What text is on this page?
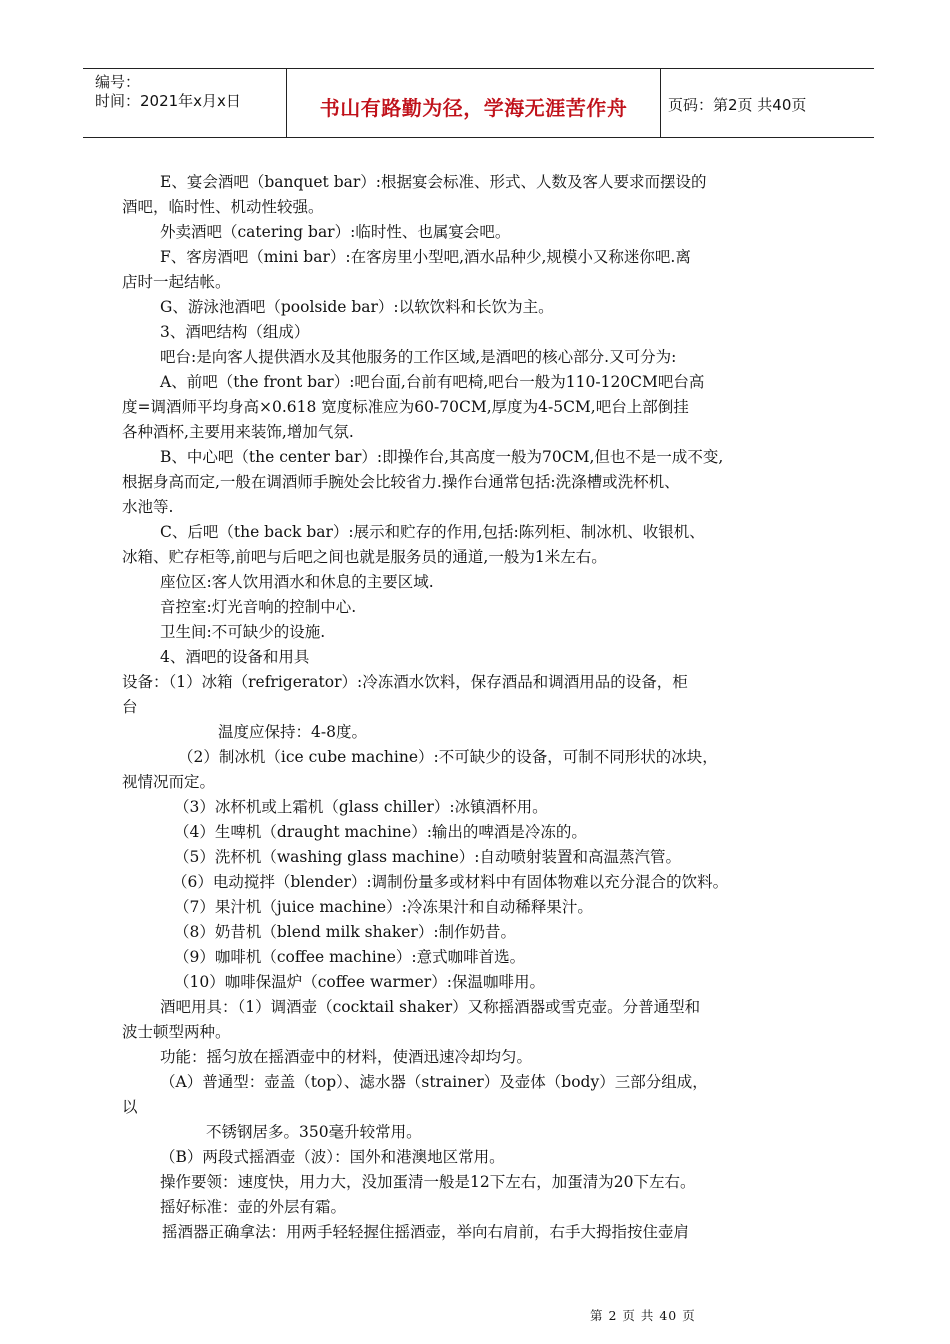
编号：
时间：2021年x月x日	书山有路勤为径，学海无涯苦作舟	页码：第2页 共40页
E、宴会酒吧（banquet bar）:根据宴会标准、形式、人数及客人要求而摆设的
酒吧，临时性、机动性较强。
外卖酒吧（catering bar）:临时性、也属宴会吧。
F、客房酒吧（mini bar）:在客房里小型吧,酒水品种少,规模小又称迷你吧.离
店时一起结帐。
G、游泳池酒吧（poolside bar）:以软饮料和长饮为主。
3、酒吧结构（组成）
吧台:是向客人提供酒水及其他服务的工作区域,是酒吧的核心部分.又可分为:
A、前吧（the front bar）:吧台面,台前有吧椅,吧台一般为110-120CM吧台高
度=调酒师平均身高×0.618 宽度标准应为60-70CM,厚度为4-5CM,吧台上部倒挂
各种酒杯,主要用来装饰,增加气氛.
B、中心吧（the center bar）:即操作台,其高度一般为70CM,但也不是一成不变,
根据身高而定,一般在调酒师手腕处会比较省力.操作台通常包括:洗涤槽或洗杯机、
水池等.
C、后吧（the back bar）:展示和贮存的作用,包括:陈列柜、制冰机、收银机、
冰箱、贮存柜等,前吧与后吧之间也就是服务员的通道,一般为1米左右。
座位区:客人饮用酒水和休息的主要区域.
音控室:灯光音响的控制中心.
卫生间:不可缺少的设施.
4、酒吧的设备和用具
设备：（1）冰箱（refrigerator）:冷冻酒水饮料，保存酒品和调酒用品的设备，柜
台
温度应保持：4-8度。
（2）制冰机（ice cube machine）:不可缺少的设备，可制不同形状的冰块，
视情况而定。
（3）冰杯机或上霜机（glass chiller）:冰镇酒杯用。
（4）生啤机（draught machine）:输出的啤酒是冷冻的。
（5）洗杯机（washing glass machine）:自动喷射装置和高温蒸汽管。
（6）电动搅拌（blender）:调制份量多或材料中有固体物难以充分混合的饮料。
（7）果汁机（juice machine）:冷冻果汁和自动稀释果汁。
（8）奶昔机（blend milk shaker）:制作奶昔。
（9）咖啡机（coffee machine）:意式咖啡首选。
（10）咖啡保温炉（coffee warmer）:保温咖啡用。
酒吧用具：（1）调酒壶（cocktail shaker）又称摇酒器或雪克壶。分普通型和
波士顿型两种。
功能：摇匀放在摇酒壶中的材料，使酒迅速冷却均匀。
（A）普通型：壶盖（top）、滤水器（strainer）及壶体（body）三部分组成，
以
不锈钢居多。350毫升较常用。
（B）两段式摇酒壶（波）：国外和港澳地区常用。
操作要领：速度快，用力大，没加蛋清一般是12下左右，加蛋清为20下左右。
摇好标准：壶的外层有霜。
摇酒器正确拿法：用两手轻轻握住摇酒壶，举向右肩前，右手大拇指按住壶肩
第 2 页 共 40 页
